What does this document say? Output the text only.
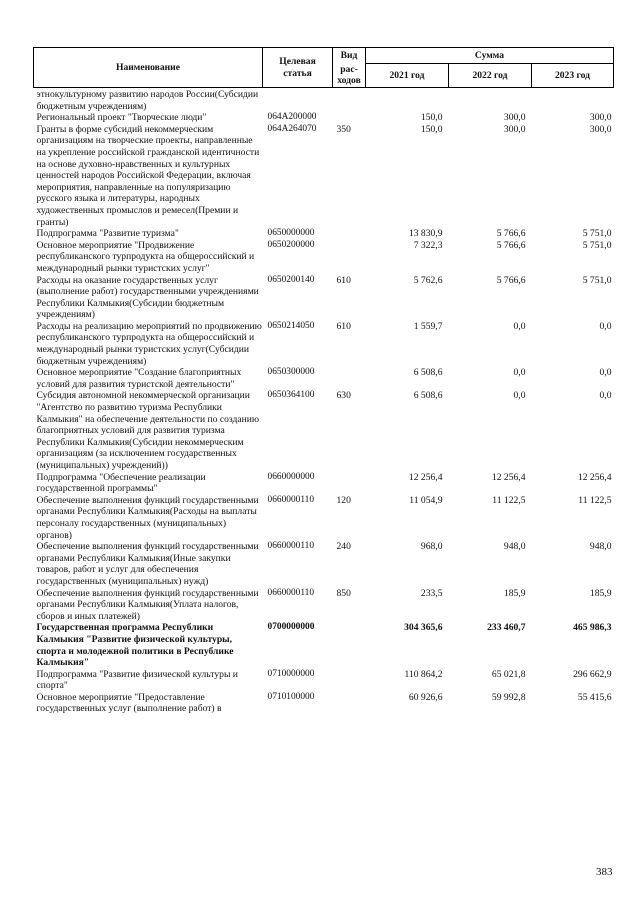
Наименование	Целевая статья	Вид	Сумма		
		рас-ходов	2021 год	2022 год	2023 год
этнокультурному развитию народов России(Субсидии бюджетным учреждениям)					
Региональный проект "Творческие люди"	064A200000		150,0	300,0	300,0
Гранты в форме субсидий некоммерческим организациям на творческие проекты, направленные на укрепление российской гражданской идентичности на основе духовно-нравственных и культурных ценностей народов Российской Федерации, включая мероприятия, направленные на популяризацию русского языка и литературы, народных художественных промыслов и ремесел(Премии и гранты)	064A264070	350	150,0	300,0	300,0
Подпрограмма "Развитие туризма"	0650000000		13 830,9	5 766,6	5 751,0
Основное мероприятие "Продвижение республиканского турпродукта на общероссийский и международный рынки туристских услуг"	0650200000		7 322,3	5 766,6	5 751,0
Расходы на оказание государственных услуг (выполнение работ) государственными учреждениями Республики Калмыкия(Субсидии бюджетным учреждениям)	0650200140	610	5 762,6	5 766,6	5 751,0
Расходы на реализацию мероприятий по продвижению республиканского турпродукта на общероссийский и международный рынки туристских услуг(Субсидии бюджетным учреждениям)	0650214050	610	1 559,7	0,0	0,0
Основное мероприятие "Создание благоприятных условий для развития туристской деятельности"	0650300000		6 508,6	0,0	0,0
Субсидия автономной некоммерческой организации "Агентство по развитию туризма Республики Калмыкия" на обеспечение деятельности по созданию благоприятных условий для развития туризма Республики Калмыкия(Субсидии некоммерческим организациям (за исключением государственных (муниципальных) учреждений))	0650364100	630	6 508,6	0,0	0,0
Подпрограмма "Обеспечение реализации государственной программы"	0660000000		12 256,4	12 256,4	12 256,4
Обеспечение выполнения функций государственными органами Республики Калмыкия(Расходы на выплаты персоналу государственных (муниципальных) органов)	0660000110	120	11 054,9	11 122,5	11 122,5
Обеспечение выполнения функций государственными органами Республики Калмыкия(Иные закупки товаров, работ и услуг для обеспечения государственных (муниципальных) нужд)	0660000110	240	968,0	948,0	948,0
Обеспечение выполнения функций государственными органами Республики Калмыкия(Уплата налогов, сборов и иных платежей)	0660000110	850	233,5	185,9	185,9
Государственная программа Республики Калмыкия "Развитие физической культуры, спорта и молодежной политики в Республике Калмыкия"	0700000000		304 365,6	233 460,7	465 986,3
Подпрограмма "Развитие физической культуры и спорта"	0710000000		110 864,2	65 021,8	296 662,9
Основное мероприятие "Предоставление государственных услуг (выполнение работ) в	0710100000		60 926,6	59 992,8	55 415,6
383
